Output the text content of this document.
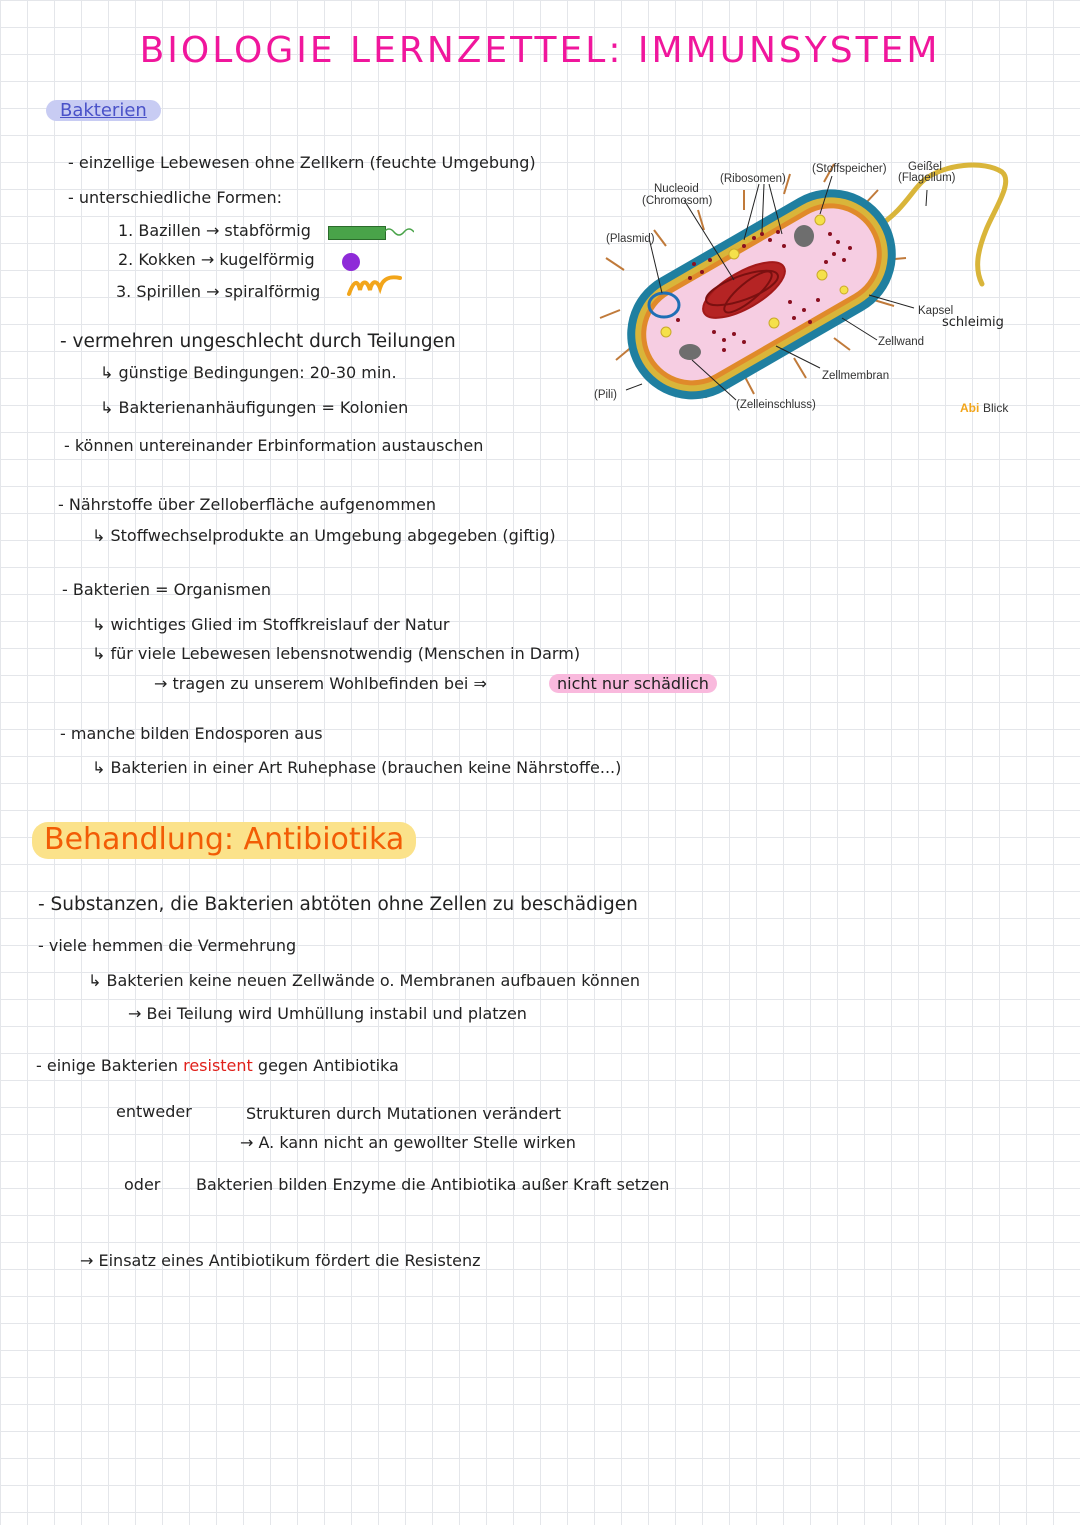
BIOLOGIE LERNZETTEL: IMMUNSYSTEM
Bakterien
- einzellige Lebewesen ohne Zellkern (feuchte Umgebung)
- unterschiedliche Formen:
1. Bazillen → stabförmig
2. Kokken → kugelförmig
3. Spirillen → spiralförmig
- vermehren ungeschlecht durch Teilungen
↳ günstige Bedingungen: 20-30 min.
↳ Bakterienanhäufigungen = Kolonien
- können untereinander Erbinformation austauschen
- Nährstoffe über Zelloberfläche aufgenommen
↳ Stoffwechselprodukte an Umgebung abgegeben (giftig)
- Bakterien = Organismen
↳ wichtiges Glied im Stoffkreislauf der Natur
↳ für viele Lebewesen lebensnotwendig (Menschen in Darm)
→ tragen zu unserem Wohlbefinden bei ⇒	nicht nur schädlich
- manche bilden Endosporen aus
↳ Bakterien in einer Art Ruhephase (brauchen keine Nährstoffe...)
Nucleoid
(Chromosom)
(Ribosomen)
(Stoffspeicher) Geißel
(Flagellum)
(Plasmid)
Kapsel
Zellwand
Zellmembran
(Pili)
(Zelleinschluss)
schleimig
Abi Blick
Behandlung: Antibiotika
- Substanzen, die Bakterien abtöten ohne Zellen zu beschädigen
- viele hemmen die Vermehrung
↳ Bakterien keine neuen Zellwände o. Membranen aufbauen können
→ Bei Teilung wird Umhüllung instabil und platzen
- einige Bakterien resistent gegen Antibiotika
entweder	Strukturen durch Mutationen verändert
→ A. kann nicht an gewollter Stelle wirken
oder Bakterien bilden Enzyme die Antibiotika außer Kraft setzen
→ Einsatz eines Antibiotikum fördert die Resistenz
